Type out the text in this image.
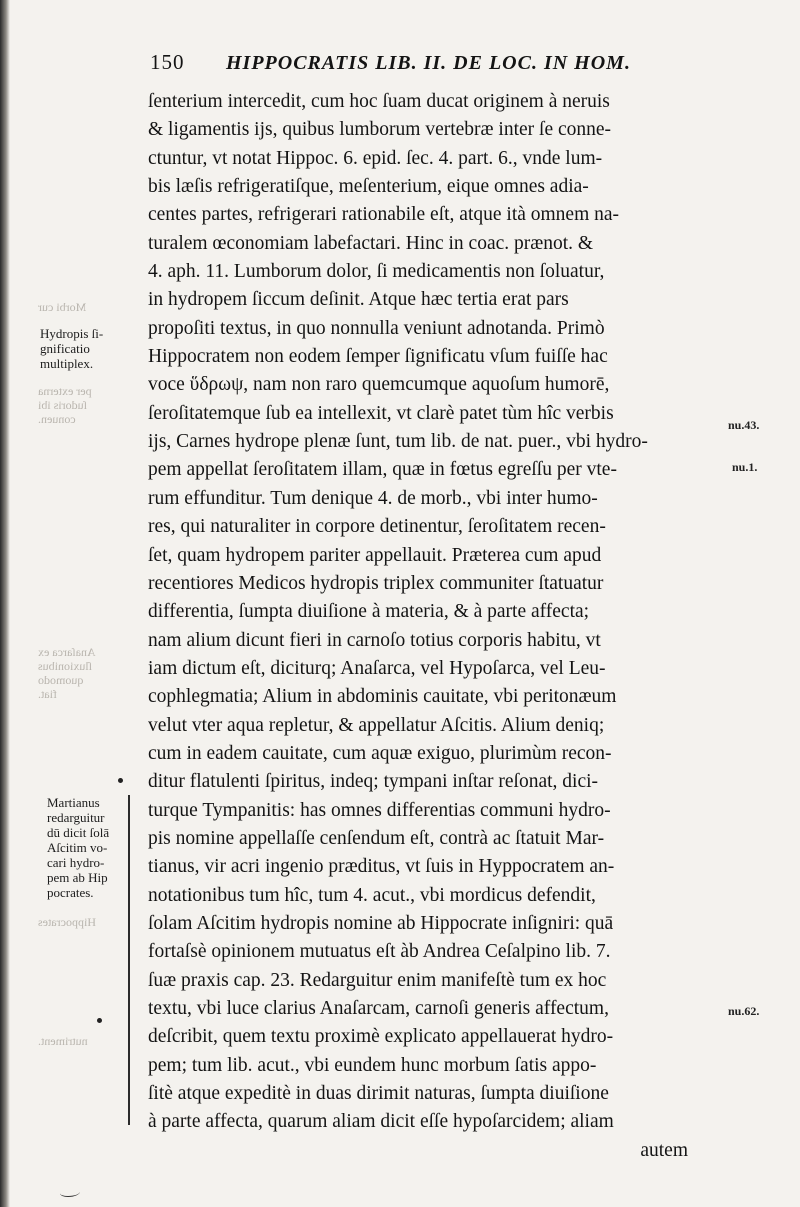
150 HIPPOCRATIS LIB. II. DE LOC. IN HOM.
Morbi cur
per externa
ſudoris ibi
conuen.
Anaſarca ex
ſluxionibus
quomodo
fiat.
Hippocrates
nutriment.
Hydropis ſi-
gnificatio
multiplex.
Martianus
redarguitur
dū dicit ſolā
Aſcitim vo-
cari hydro-
pem ab Hip
pocrates.
nu.43.
nu.1.
nu.62.
ſenterium intercedit, cum hoc ſuam ducat originem à neruis
& ligamentis ijs, quibus lumborum vertebræ inter ſe conne-
ctuntur, vt notat Hippoc. 6. epid. ſec. 4. part. 6., vnde lum-
bis læſis refrigeratiſque, meſenterium, eique omnes adia-
centes partes, refrigerari rationabile eſt, atque ità omnem na-
turalem œconomiam labefactari. Hinc in coac. prænot. &
4. aph. 11. Lumborum dolor, ſi medicamentis non ſoluatur,
in hydropem ſiccum deſinit. Atque hæc tertia erat pars
propoſiti textus, in quo nonnulla veniunt adnotanda. Primò
Hippocratem non eodem ſemper ſignificatu vſum fuiſſe hac
voce ὕδρωψ, nam non raro quemcumque aquoſum humorē,
ſeroſitatemque ſub ea intellexit, vt clarè patet tùm hîc verbis
ijs, Carnes hydrope plenæ ſunt, tum lib. de nat. puer., vbi hydro-
pem appellat ſeroſitatem illam, quæ in fœtus egreſſu per vte-
rum effunditur. Tum denique 4. de morb., vbi inter humo-
res, qui naturaliter in corpore detinentur, ſeroſitatem recen-
ſet, quam hydropem pariter appellauit. Præterea cum apud
recentiores Medicos hydropis triplex communiter ſtatuatur
differentia, ſumpta diuiſione à materia, & à parte affecta;
nam alium dicunt fieri in carnoſo totius corporis habitu, vt
iam dictum eſt, diciturq; Anaſarca, vel Hypoſarca, vel Leu-
cophlegmatia; Alium in abdominis cauitate, vbi peritonæum
velut vter aqua repletur, & appellatur Aſcitis. Alium deniq;
cum in eadem cauitate, cum aquæ exiguo, plurimùm recon-
ditur flatulenti ſpiritus, indeq; tympani inſtar reſonat, dici-
turque Tympanitis: has omnes differentias communi hydro-
pis nomine appellaſſe cenſendum eſt, contrà ac ſtatuit Mar-
tianus, vir acri ingenio præditus, vt ſuis in Hyppocratem an-
notationibus tum hîc, tum 4. acut., vbi mordicus defendit,
ſolam Aſcitim hydropis nomine ab Hippocrate inſigniri: quā
fortaſsè opinionem mutuatus eſt àb Andrea Ceſalpino lib. 7.
ſuæ praxis cap. 23. Redarguitur enim manifeſtè tum ex hoc
textu, vbi luce clarius Anaſarcam, carnoſi generis affectum,
deſcribit, quem textu proximè explicato appellauerat hydro-
pem; tum lib. acut., vbi eundem hunc morbum ſatis appo-
ſitè atque expeditè in duas dirimit naturas, ſumpta diuiſione
à parte affecta, quarum aliam dicit eſſe hypoſarcidem; aliam
autem
